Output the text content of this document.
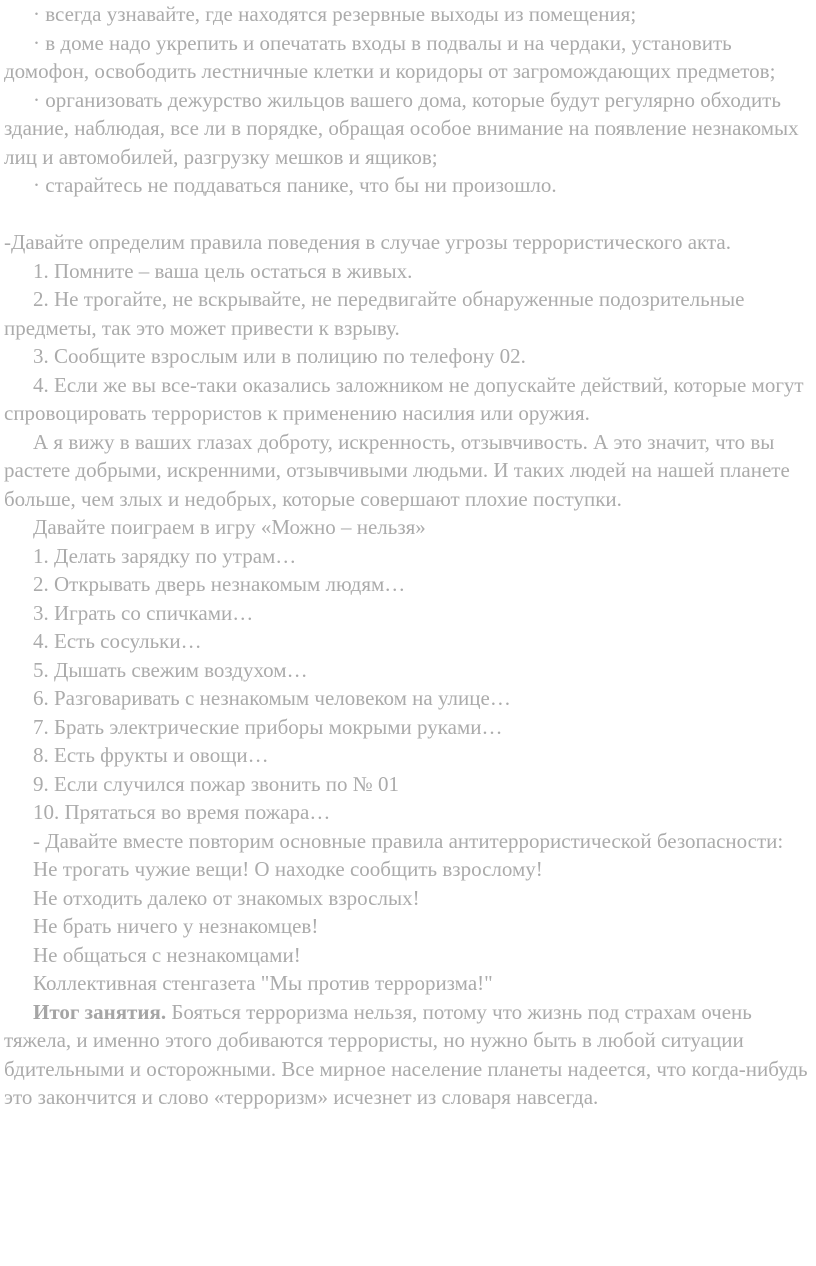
· всегда узнавайте, где находятся резервные выходы из помещения;

· в доме надо укрепить и опечатать входы в подвалы и на чердаки, установить домофон, освободить лестничные клетки и коридоры от загромождающих предметов;

· организовать дежурство жильцов вашего дома, которые будут регулярно обходить здание, наблюдая, все ли в порядке, обращая особое внимание на появление незнакомых лиц и автомобилей, разгрузку мешков и ящиков;

· старайтесь не поддаваться панике, что бы ни произошло.

-Давайте определим правила поведения в случае угрозы террористического акта.

1. Помните – ваша цель остаться в живых.

2. Не трогайте, не вскрывайте, не передвигайте обнаруженные подозрительные предметы, так это может привести к взрыву.

3. Сообщите взрослым или в полицию по телефону 02.

4. Если же вы все-таки оказались заложником не допускайте действий, которые могут спровоцировать террористов к применению насилия или оружия.

А я вижу в ваших глазах доброту, искренность, отзывчивость. А это значит, что вы растете добрыми, искренними, отзывчивыми людьми. И таких людей на нашей планете больше, чем злых и недобрых, которые совершают плохие поступки.

Давайте поиграем в игру «Можно – нельзя»

1. Делать зарядку по утрам…

2. Открывать дверь незнакомым людям…

3. Играть со спичками…

4. Есть сосульки…

5. Дышать свежим воздухом…

6. Разговаривать с незнакомым человеком на улице…

7. Брать электрические приборы мокрыми руками…

8. Есть фрукты и овощи…

9. Если случился пожар звонить по № 01

10. Прятаться во время пожара…

- Давайте вместе повторим основные правила антитеррористической безопасности:

Не трогать чужие вещи! О находке сообщить взрослому!

Не отходить далеко от знакомых взрослых!

Не брать ничего у незнакомцев!

Не общаться с незнакомцами!

Коллективная стенгазета "Мы против терроризма!"

Итог занятия. Бояться терроризма нельзя, потому что жизнь под страхам очень тяжела, и именно этого добиваются террористы, но нужно быть в любой ситуации бдительными и осторожными. Все мирное население планеты надеется, что когда-нибудь это закончится и слово «терроризм» исчезнет из словаря навсегда.
